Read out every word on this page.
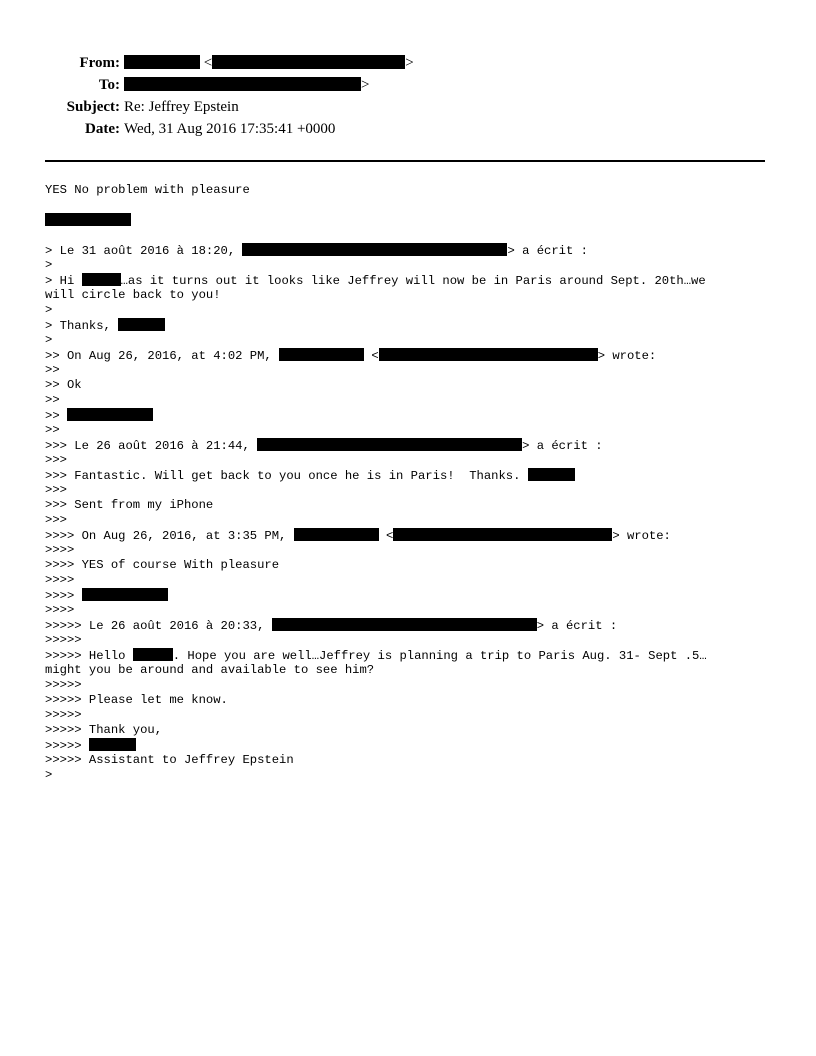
From:	<	>
To:	>
Subject: Re: Jeffrey Epstein
Date: Wed, 31 Aug 2016 17:35:41 +0000
YES No problem with pleasure
> Le 31 août 2016 à 18:20,	> a écrit :
>
> Hi	…as it turns out it looks like Jeffrey will now be in Paris around Sept. 20th…we
will circle back to you!
>
> Thanks,
>
>> On Aug 26, 2016, at 4:02 PM,	<	> wrote:
>>
>> Ok
>>
>>
>>
>>> Le 26 août 2016 à 21:44,	> a écrit :
>>>
>>> Fantastic. Will get back to you once he is in Paris!  Thanks.
>>>
>>> Sent from my iPhone
>>>
>>>> On Aug 26, 2016, at 3:35 PM,	<	> wrote:
>>>>
>>>> YES of course With pleasure
>>>>
>>>>
>>>>
>>>>> Le 26 août 2016 à 20:33,	> a écrit :
>>>>>
>>>>> Hello	. Hope you are well…Jeffrey is planning a trip to Paris Aug. 31- Sept .5…
might you be around and available to see him?
>>>>>
>>>>> Please let me know.
>>>>>
>>>>> Thank you,
>>>>>
>>>>> Assistant to Jeffrey Epstein
>
